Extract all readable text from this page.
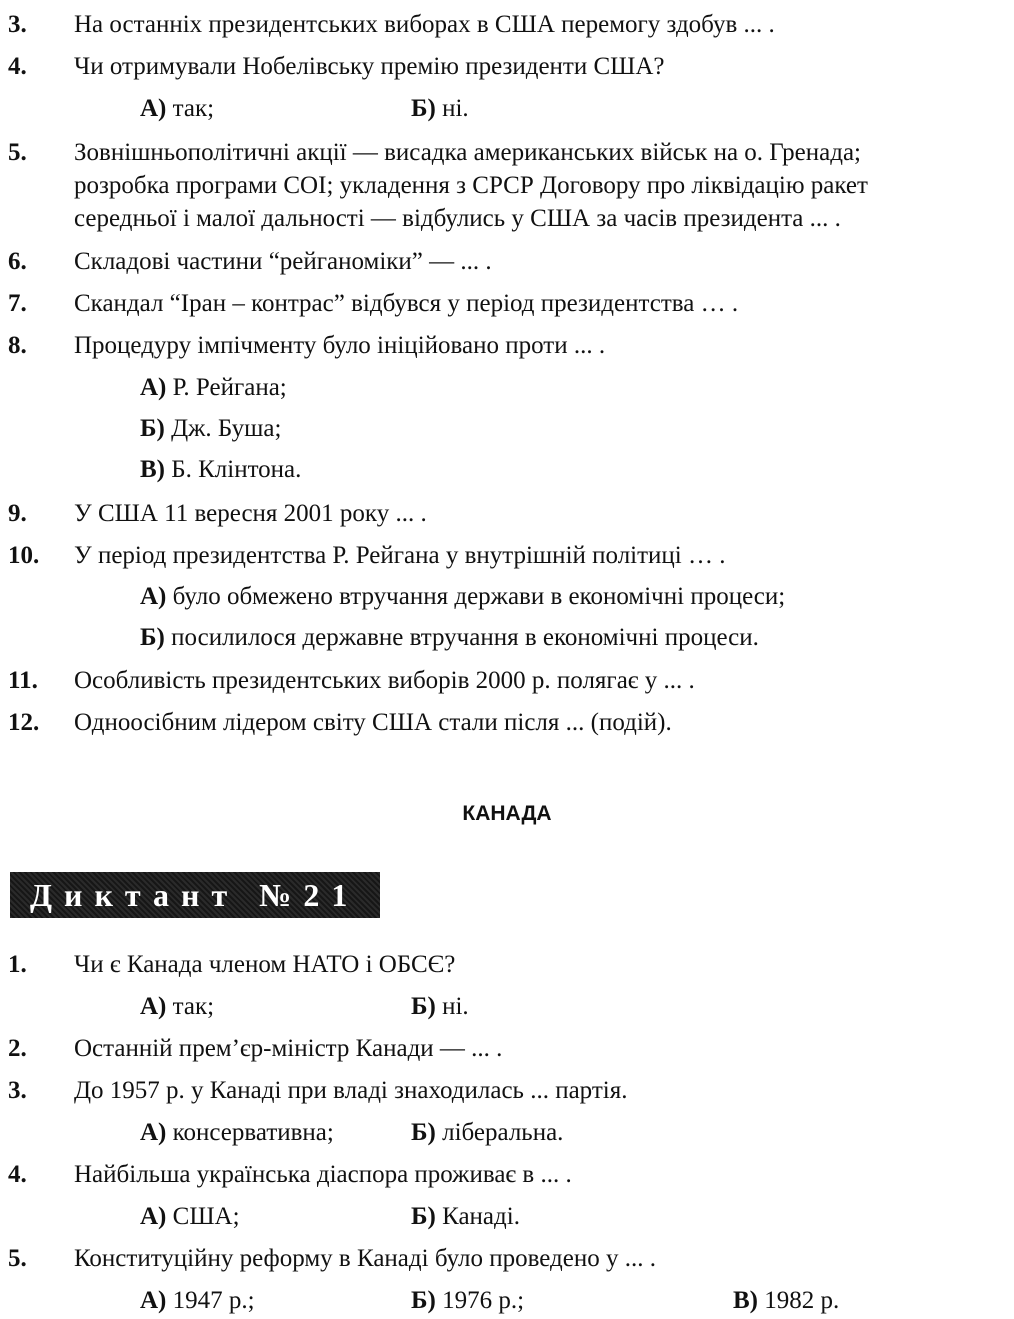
3. На останніх президентських виборах в США перемогу здобув ... .
4. Чи отримували Нобелівську премію президенти США?
А) так;	Б) ні.
5. Зовнішньополітичні акції — висадка американських військ на о. Гренада;
розробка програми СОІ; укладення з СРСР Договору про ліквідацію ракет
середньої і малої дальності — відбулись у США за часів президента ... .
6. Складові частини “рейганоміки” — ... .
7. Скандал “Іран – контрас” відбувся у період президентства … .
8. Процедуру імпічменту було ініційовано проти ... .
А) Р. Рейгана;
Б) Дж. Буша;
В) Б. Клінтона.
9. У США 11 вересня 2001 року ... .
10. У період президентства Р. Рейгана у внутрішній політиці … .
А) було обмежено втручання держави в економічні процеси;
Б) посилилося державне втручання в економічні процеси.
11. Особливість президентських виборів 2000 р. полягає у ... .
12. Одноосібним лідером світу США стали після ... (подій).
КАНАДА
Диктант №21
1. Чи є Канада членом НАТО і ОБСЄ?
А) так;	Б) ні.
2. Останній прем’єр-міністр Канади — ... .
3. До 1957 р. у Канаді при владі знаходилась ... партія.
А) консервативна;	Б) ліберальна.
4. Найбільша українська діаспора проживає в ... .
А) США;	Б) Канаді.
5. Конституційну реформу в Канаді було проведено у ... .
А) 1947 р.;	Б) 1976 р.;	В) 1982 р.
